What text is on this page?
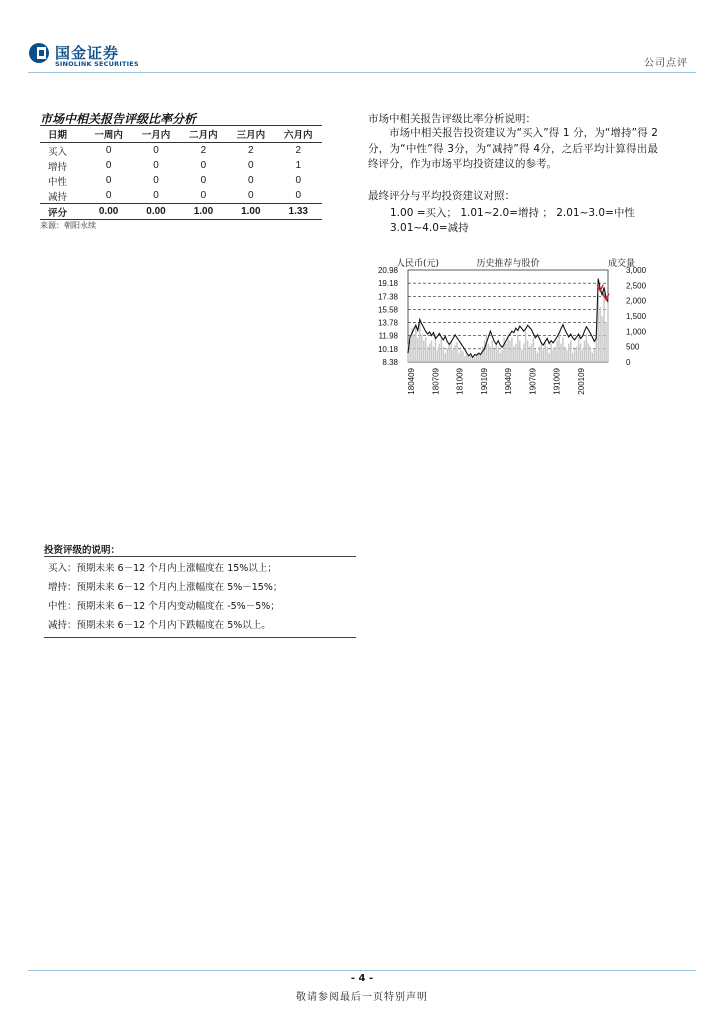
国金证券
SINOLINK SECURITIES	公司点评
市场中相关报告评级比率分析
日期	一周内	一月内	二月内	三月内	六月内
买入	0	0	2	2	2
增持	0	0	0	0	1
中性	0	0	0	0	0
减持	0	0	0	0	0
评分	0.00	0.00	1.00	1.00	1.33
来源：朝阳永续
市场中相关报告评级比率分析说明：
市场中相关报告投资建议为“买入”得 1 分，为“增持”得 2分，为“中性”得 3分，为“减持”得 4分，之后平均计算得出最终评分，作为市场平均投资建议的参考。
最终评分与平均投资建议对照：
1.00 =买入； 1.01~2.0=增持 ； 2.01~3.0=中性
3.01~4.0=减持
20.98
19.18
17.38
15.58
13.78
11.98
10.18
8.38
3,000
2,500
2,000
1,500
1,000
500
0
180409 180709 181009 190109 190409 190709 191009 200109
人民币(元)	历史推荐与股价	成交量
投资评级的说明：
买入：预期未来 6－12 个月内上涨幅度在 15%以上；
增持：预期未来 6－12 个月内上涨幅度在 5%－15%；
中性：预期未来 6－12 个月内变动幅度在 -5%－5%；
减持：预期未来 6－12 个月内下跌幅度在 5%以上。
- 4 -
敬请参阅最后一页特别声明
